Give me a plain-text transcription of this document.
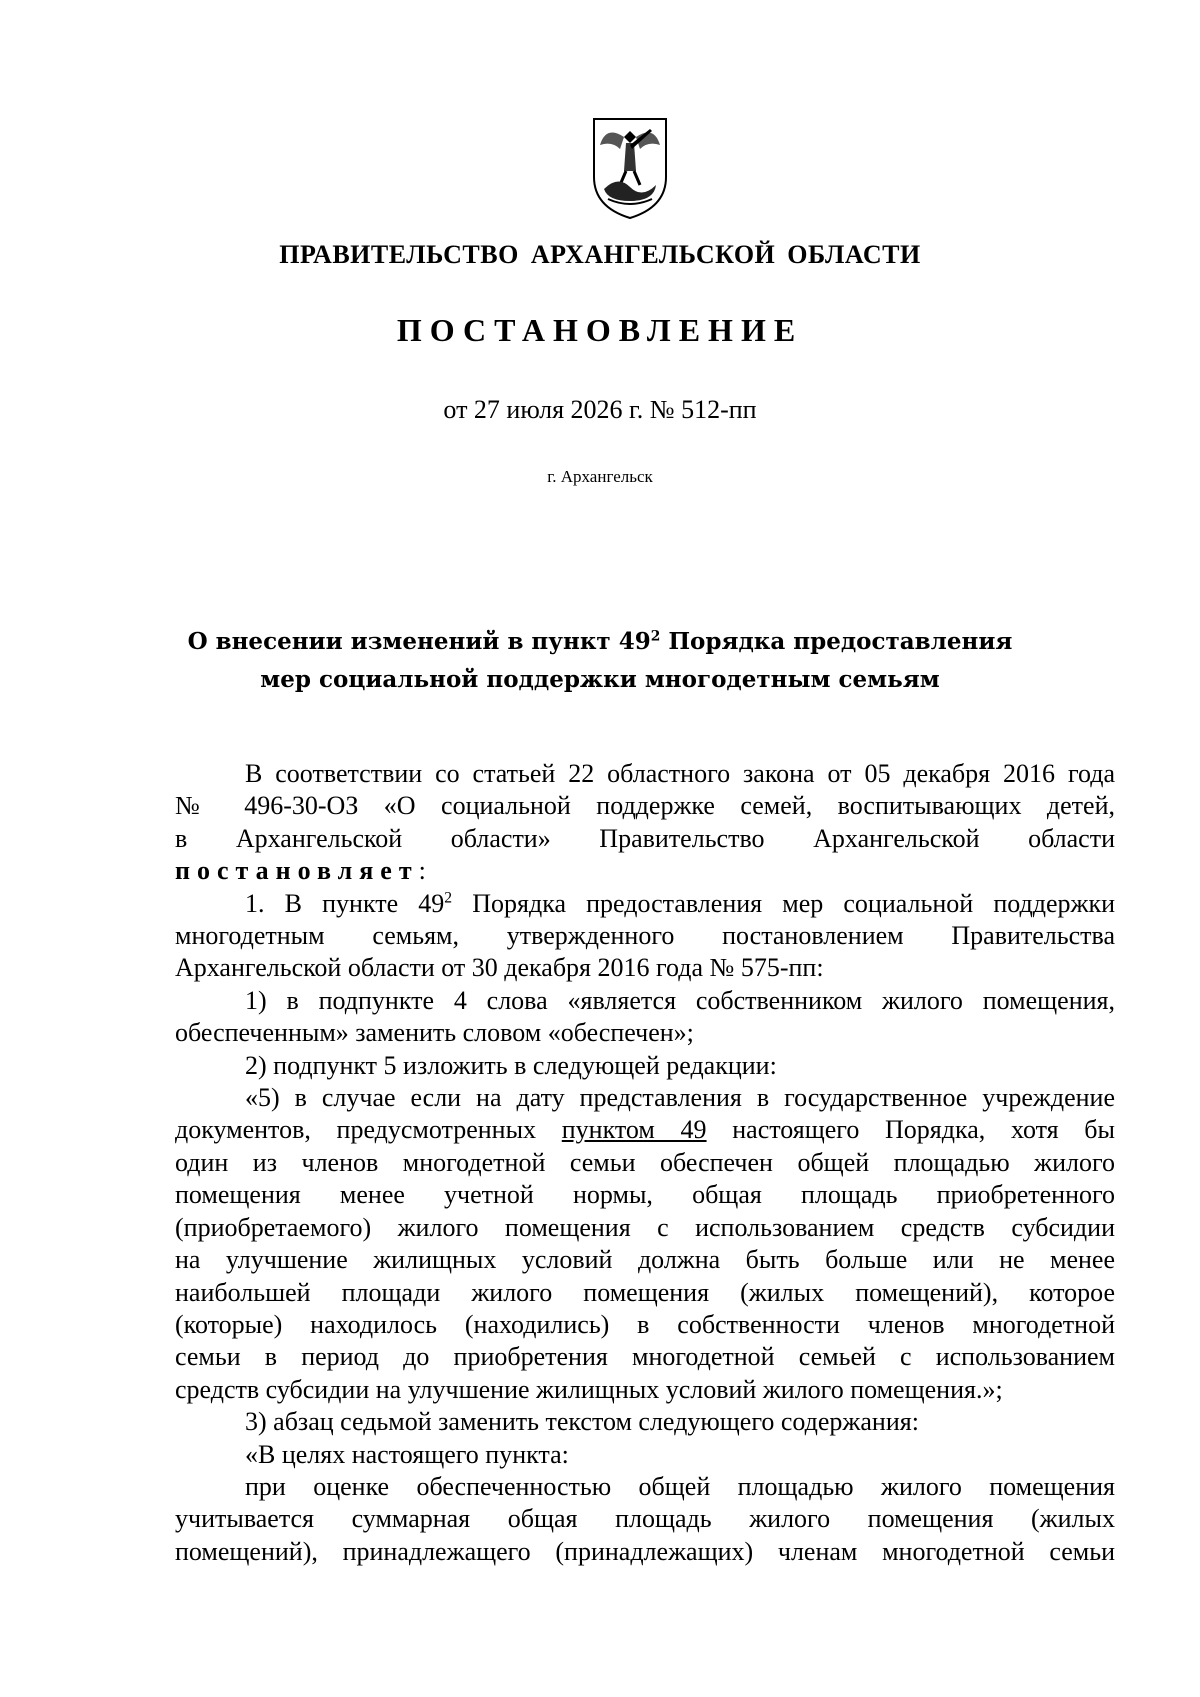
ПРАВИТЕЛЬСТВО АРХАНГЕЛЬСКОЙ ОБЛАСТИ
ПОСТАНОВЛЕНИЕ
от 27 июля 2026 г. № 512-пп
г. Архангельск
О внесении изменений в пункт $49^2$ Порядка предоставления
мер социальной поддержки многодетным семьям

В соответствии со статьей 22 областного закона от 05 декабря 2016 года

№ 496-30-ОЗ «О социальной поддержке семей, воспитывающих детей,

в Архангельской области» Правительство Архангельской области

постановляет:

1. В пункте $49^2$ Порядка предоставления мер социальной поддержки

многодетным семьям, утвержденного постановлением Правительства

Архангельской области от 30 декабря 2016 года № 575-пп:

1) в подпункте 4 слова «является собственником жилого помещения,

обеспеченным» заменить словом «обеспечен»;

2) подпункт 5 изложить в следующей редакции:

«5) в случае если на дату представления в государственное учреждение

документов, предусмотренных пунктом 49 настоящего Порядка, хотя бы

один из членов многодетной семьи обеспечен общей площадью жилого

помещения менее учетной нормы, общая площадь приобретенного

(приобретаемого) жилого помещения с использованием средств субсидии

на улучшение жилищных условий должна быть больше или не менее

наибольшей площади жилого помещения (жилых помещений), которое

(которые) находилось (находились) в собственности членов многодетной

семьи в период до приобретения многодетной семьей с использованием

средств субсидии на улучшение жилищных условий жилого помещения.»;

3) абзац седьмой заменить текстом следующего содержания:

«В целях настоящего пункта:

при оценке обеспеченностью общей площадью жилого помещения

учитывается суммарная общая площадь жилого помещения (жилых

помещений), принадлежащего (принадлежащих) членам многодетной семьи
